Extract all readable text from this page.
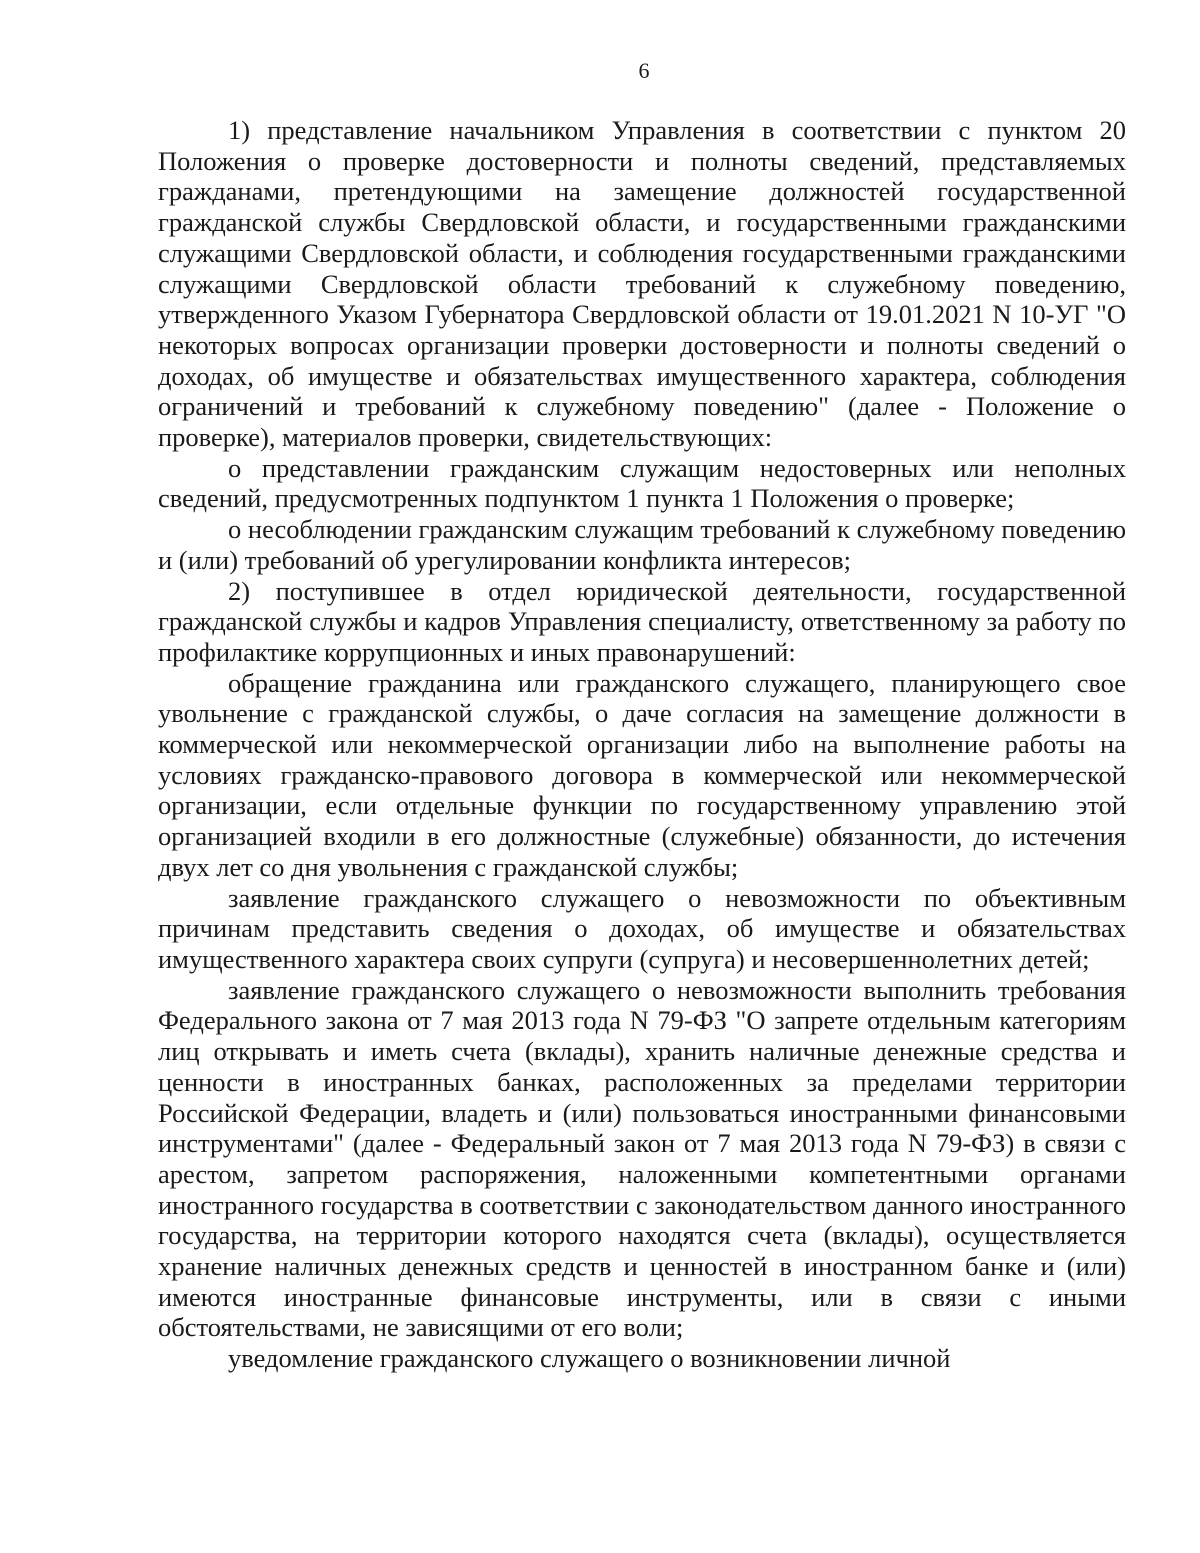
6

1) представление начальником Управления в соответствии с пунктом 20 Положения о проверке достоверности и полноты сведений, представляемых гражданами, претендующими на замещение должностей государственной гражданской службы Свердловской области, и государственными гражданскими служащими Свердловской области, и соблюдения государственными гражданскими служащими Свердловской области требований к служебному поведению, утвержденного Указом Губернатора Свердловской области от 19.01.2021 N 10-УГ "О некоторых вопросах организации проверки достоверности и полноты сведений о доходах, об имуществе и обязательствах имущественного характера, соблюдения ограничений и требований к служебному поведению" (далее - Положение о проверке), материалов проверки, свидетельствующих:

о представлении гражданским служащим недостоверных или неполных сведений, предусмотренных подпунктом 1 пункта 1 Положения о проверке;

о несоблюдении гражданским служащим требований к служебному поведению и (или) требований об урегулировании конфликта интересов;

2) поступившее в отдел юридической деятельности, государственной гражданской службы и кадров Управления специалисту, ответственному за работу по профилактике коррупционных и иных правонарушений:

обращение гражданина или гражданского служащего, планирующего свое увольнение с гражданской службы, о даче согласия на замещение должности в коммерческой или некоммерческой организации либо на выполнение работы на условиях гражданско-правового договора в коммерческой или некоммерческой организации, если отдельные функции по государственному управлению этой организацией входили в его должностные (служебные) обязанности, до истечения двух лет со дня увольнения с гражданской службы;

заявление гражданского служащего о невозможности по объективным причинам представить сведения о доходах, об имуществе и обязательствах имущественного характера своих супруги (супруга) и несовершеннолетних детей;

заявление гражданского служащего о невозможности выполнить требования Федерального закона от 7 мая 2013 года N 79-ФЗ "О запрете отдельным категориям лиц открывать и иметь счета (вклады), хранить наличные денежные средства и ценности в иностранных банках, расположенных за пределами территории Российской Федерации, владеть и (или) пользоваться иностранными финансовыми инструментами" (далее - Федеральный закон от 7 мая 2013 года N 79-ФЗ) в связи с арестом, запретом распоряжения, наложенными компетентными органами иностранного государства в соответствии с законодательством данного иностранного государства, на территории которого находятся счета (вклады), осуществляется хранение наличных денежных средств и ценностей в иностранном банке и (или) имеются иностранные финансовые инструменты, или в связи с иными обстоятельствами, не зависящими от его воли;

уведомление гражданского служащего о возникновении личной
